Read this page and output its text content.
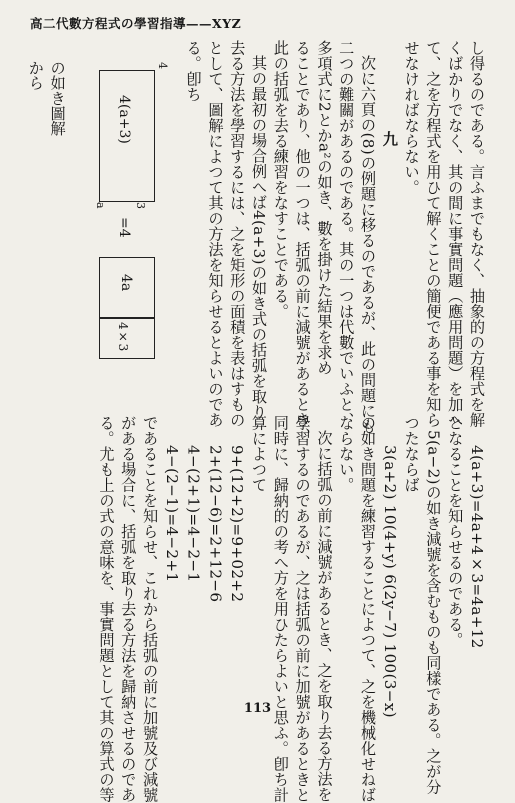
高二代數方程式の學習指導——XYZ
し得るのである。言ふまでもなく、抽象的の方程式を解
くばかりでなく、其の間に事實問題（應用問題）を加へ
て、之を方程式を用ひて解くことの簡便である事を知ら
せなければならない。
九
次に六頁の(8)の例題に移るのであるが、此の問題にも
二つの難關があるのである。其の一つは代數でいふと、
多項式に2とかa²の如き、數を掛けた結果を求め
ることであり、他の一つは、括弧の前に減號があるとき、
此の括弧を去る練習をなすことである。
其の最初の場合例へば4(a+3)の如き式の括弧を取り
去る方法を學習するには、之を矩形の面積を表はすもの
として、圖解によつて其の方法を知らせるとよいのであ
る。卽ち
4(a+3)
4
a 3
=4
4a
4×3
の如き圖解から
4(a+3)=4a+4×3=4a+12
となることを知らせるのである。
5(a−2)の如き減號を含むものも同樣である。之が分
つたならば
3(a+2) 10(4+y) 6(2y−7) 100(3−x)
の如き問題を練習することによつて、之を機械化せねば
ならない。
次に括弧の前に減號があるとき、之を取り去る方法を
學習するのであるが、之は括弧の前に加號があるときと
同時に、歸納的の考へ方を用ひたらよいと思ふ。卽ち計
算によつて
9+(12+2)=9+02+2
2+(12−6)=2+12−6
4−(2+1)=4−2−1
4−(2−1)=4−2+1
であることを知らせ、これから括弧の前に加號及び減號
がある場合に、括弧を取り去る方法を歸納させるのであ
る。尤も上の式の意味を、事實問題として其の算式の等	113
